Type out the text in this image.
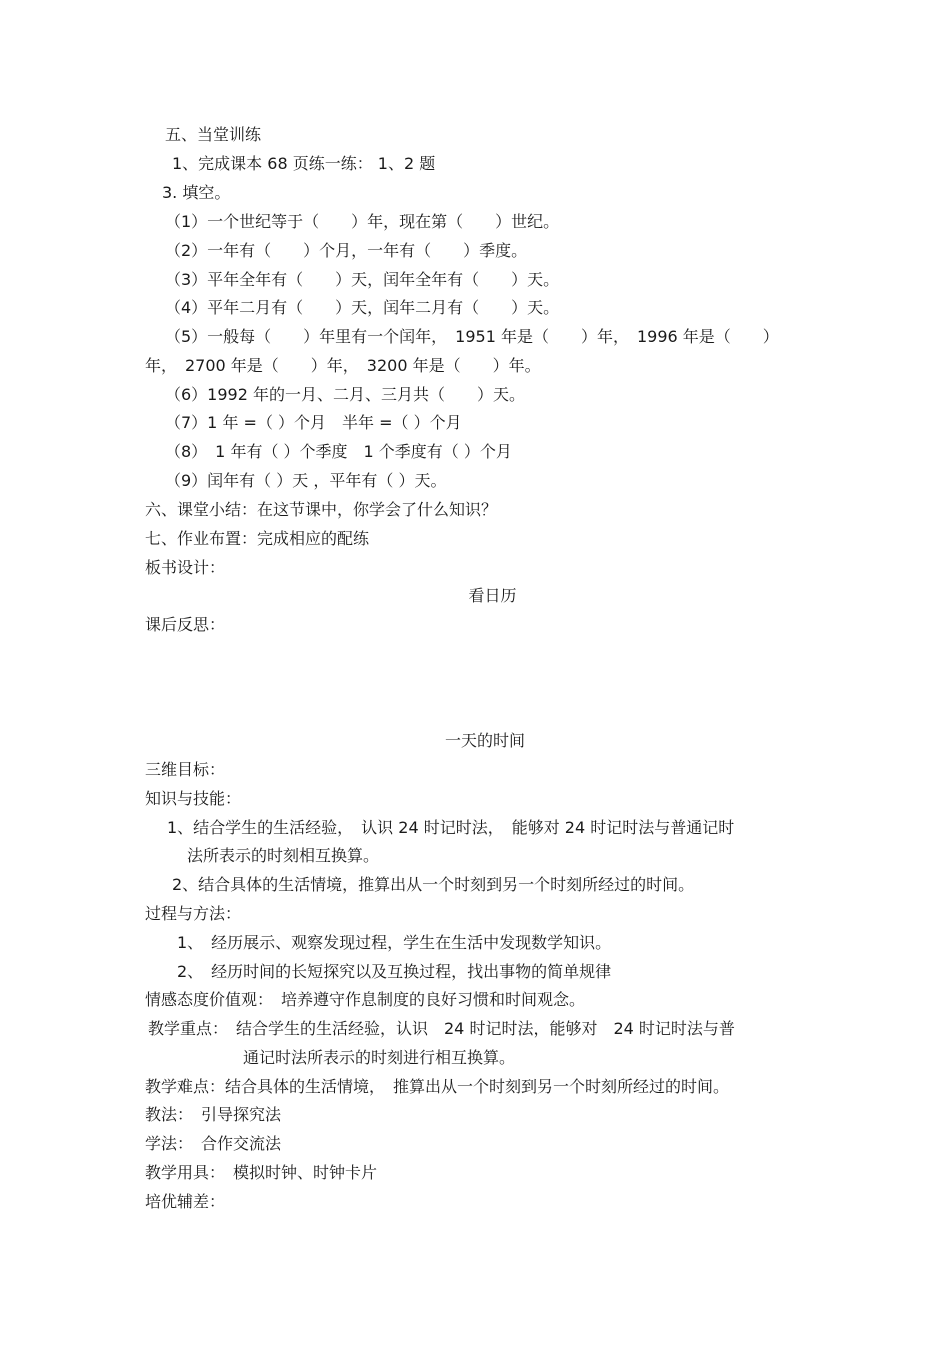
五、当堂训练
1、完成课本 68 页练一练： 1、2 题
3. 填空。
（1）一个世纪等于（　　）年，现在第（　　）世纪。
（2）一年有（　　）个月，一年有（　　）季度。
（3）平年全年有（　　）天，闰年全年有（　　）天。
（4）平年二月有（　　）天，闰年二月有（　　）天。
（5）一般每（　　）年里有一个闰年，　1951 年是（　　）年，　1996 年是（　　）
年，　2700 年是（　　）年，　3200 年是（　　）年。
（6）1992 年的一月、二月、三月共（　　）天。
（7）1 年 =（ ）个月　半年 =（ ）个月
（8）　1 年有（ ）个季度　1 个季度有（ ）个月
（9）闰年有（ ）天 ，平年有（ ）天。
六、课堂小结：在这节课中，你学会了什么知识？
七、作业布置：完成相应的配练
板书设计：
看日历
课后反思：
一天的时间
三维目标：
知识与技能：
1、结合学生的生活经验，　认识 24 时记时法，　能够对 24 时记时法与普通记时
法所表示的时刻相互换算。
2、结合具体的生活情境，推算出从一个时刻到另一个时刻所经过的时间。
过程与方法：
1、　经历展示、观察发现过程，学生在生活中发现数学知识。
2、　经历时间的长短探究以及互换过程，找出事物的简单规律
情感态度价值观：　培养遵守作息制度的良好习惯和时间观念。
教学重点：　结合学生的生活经验，认识　24 时记时法，能够对　24 时记时法与普
通记时法所表示的时刻进行相互换算。
教学难点：结合具体的生活情境，　推算出从一个时刻到另一个时刻所经过的时间。
教法：　引导探究法
学法：　合作交流法
教学用具：　模拟时钟、时钟卡片
培优辅差：
